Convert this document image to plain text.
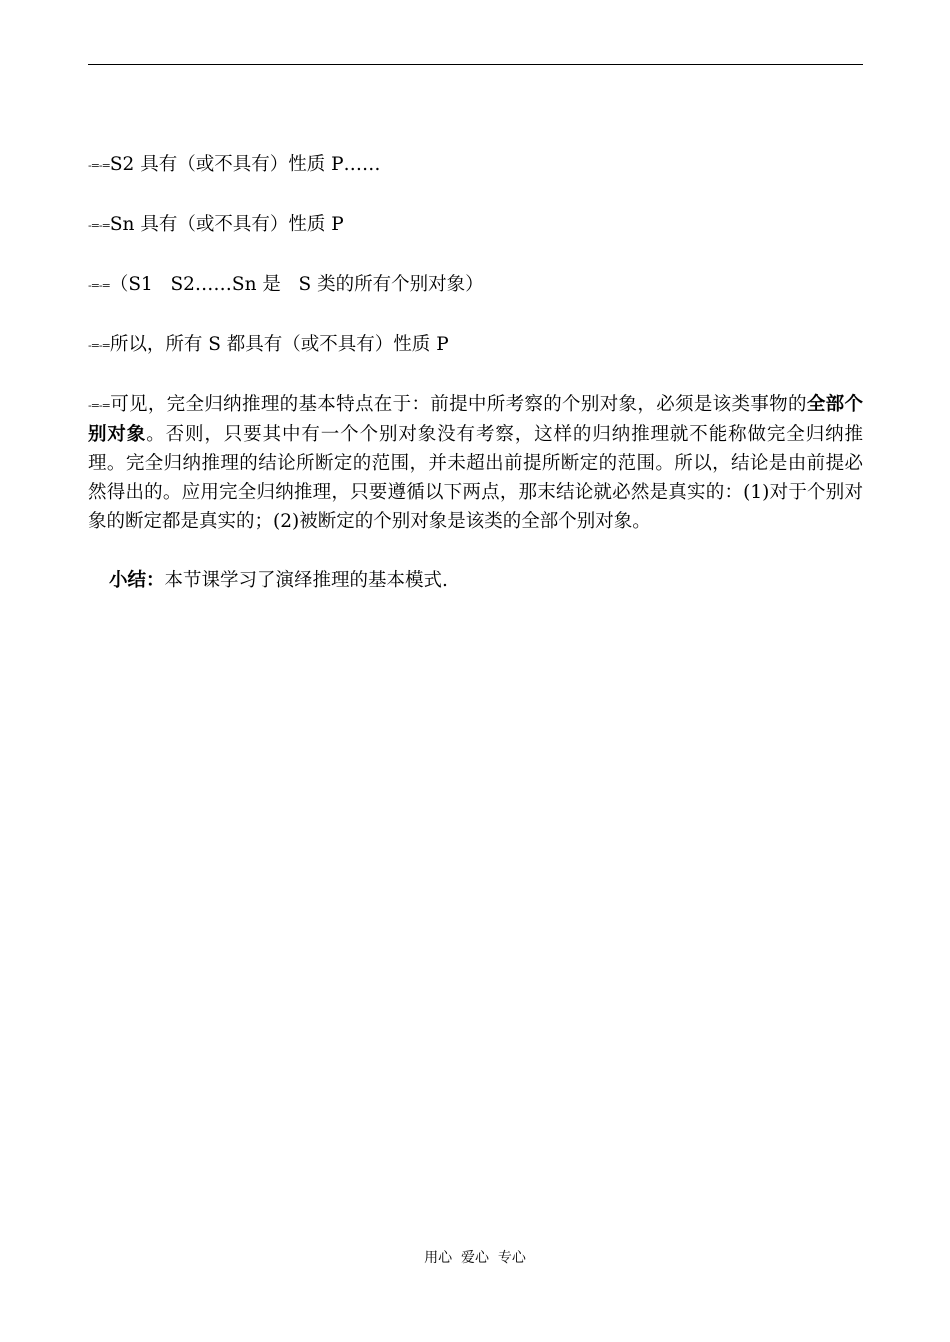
-=-=S2 具有（或不具有）性质 P……
-=-=Sn 具有（或不具有）性质 P
-=-=（S1   S2……Sn 是   S 类的所有个别对象）
-=-=所以，所有 S 都具有（或不具有）性质 P
-=-=可见，完全归纳推理的基本特点在于：前提中所考察的个别对象，必须是该类事物的全部个别对象。否则，只要其中有一个个别对象没有考察，这样的归纳推理就不能称做完全归纳推理。完全归纳推理的结论所断定的范围，并未超出前提所断定的范围。所以，结论是由前提必然得出的。应用完全归纳推理，只要遵循以下两点，那末结论就必然是真实的：(1)对于个别对象的断定都是真实的；(2)被断定的个别对象是该类的全部个别对象。
小结：本节课学习了演绎推理的基本模式.
用心  爱心  专心
